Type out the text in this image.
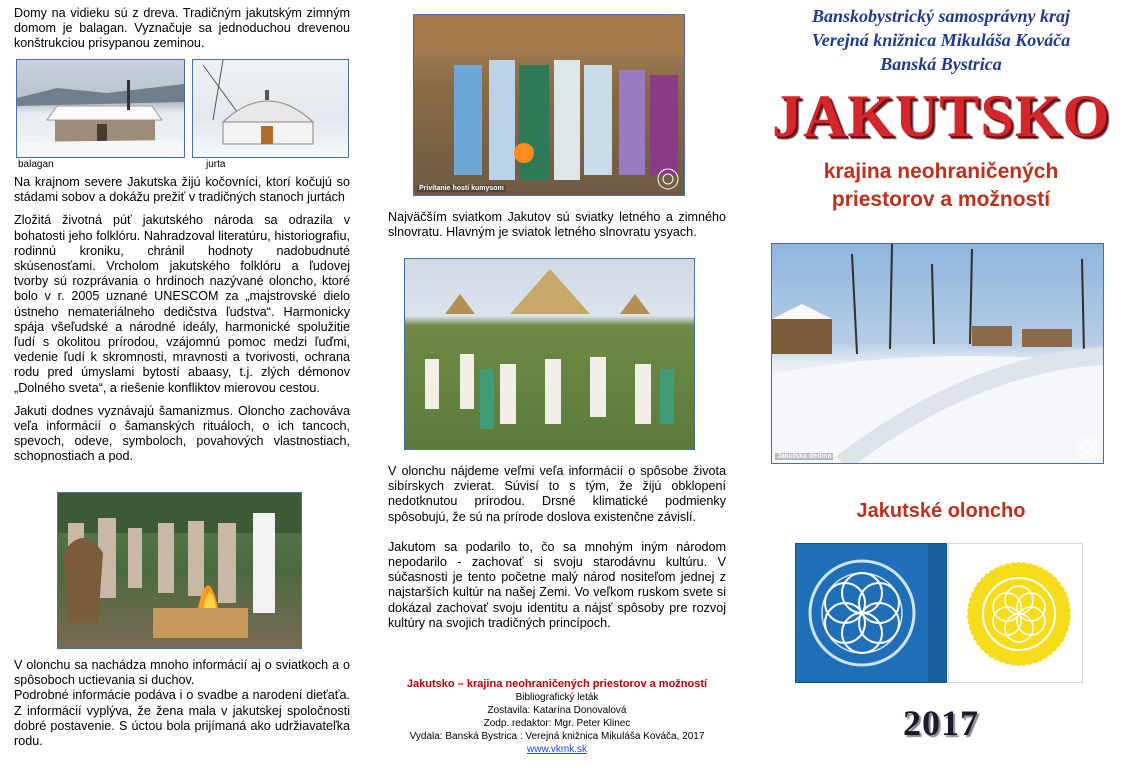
Domy na vidieku sú z dreva. Tradičným jakutským zimným domom je balagan. Vyznačuje sa jednoduchou drevenou konštrukciou prisypanou zeminou.

balagan	jurta

Na krajnom severe Jakutska žijú kočovníci, ktorí kočujú so stádami sobov a dokážu prežiť v tradičných stanoch jurtách

Zložitá životná púť jakutského národa sa odrazila v bohatosti jeho folklóru. Nahradzoval literatúru, historiografiu, rodinnú kroniku, chránil hodnoty nadobudnuté skúsenosťami. Vrcholom jakutského folklóru a ľudovej tvorby sú rozprávania o hrdinoch nazývané oloncho, ktoré bolo v r. 2005 uznané UNESCOM za „majstrovské dielo ústneho nemateriálneho dedičstva ľudstva“. Harmonicky spája všeľudské a národné ideály, harmonické spolužitie ľudí s okolitou prírodou, vzájomnú pomoc medzi ľuďmi, vedenie ľudí k skromnosti, mravnosti a tvorivosti, ochrana rodu pred úmyslami bytostí abaasy, t.j. zlých démonov „Dolného sveta“, a riešenie konfliktov mierovou cestou.

Jakuti dodnes vyznávajú šamanizmus. Oloncho zachováva veľa informácií o šamanských rituáloch, o ich tancoch, spevoch, odeve, symboloch, povahových vlastnostiach, schopnostiach a pod.

V olonchu sa nachádza mnoho informácií aj o sviatkoch a o spôsoboch uctievania si duchov.

Podrobné informácie podáva i o svadbe a narodení dieťaťa. Z informácií vyplýva, že žena mala v jakutskej spoločnosti dobré postavenie. S úctou bola prijímaná ako udržiavateľka rodu.

Privítanie hostí kumysom

Najväčším sviatkom Jakutov sú sviatky letného a zimného slnovratu. Hlavným je sviatok letného slnovratu ysyach.

V olonchu nájdeme veľmi veľa informácií o spôsobe života sibírskych zvierat. Súvisí to s tým, že žijú obklopení nedotknutou prírodou. Drsné klimatické podmienky spôsobujú, že sú na prírode doslova existenčne závislí.

Jakutom sa podarilo to, čo sa mnohým iným národom nepodarilo - zachovať si svoju starodávnu kultúru. V súčasnosti je tento početne malý národ nositeľom jednej z najstarších kultúr na našej Zemi. Vo veľkom ruskom svete si dokázal zachovať svoju identitu a nájsť spôsoby pre rozvoj kultúry na svojich tradičných princípoch.

Jakutsko – krajina neohraničených priestorov a možností
Bibliografický leták
Zostavila: Katarína Donovalová
Zodp. redaktor: Mgr. Peter Klinec
Vydala: Banská Bystrica : Verejná knižnica Mikuláša Kováča, 2017
www.vkmk.sk
Banskobystrický samosprávny kraj
Verejná knižnica Mikuláša Kováča
Banská Bystrica
JAKUTSKO
krajina neohraničených
priestorov a možností
Jakutská dedina
Jakutské oloncho
2017
